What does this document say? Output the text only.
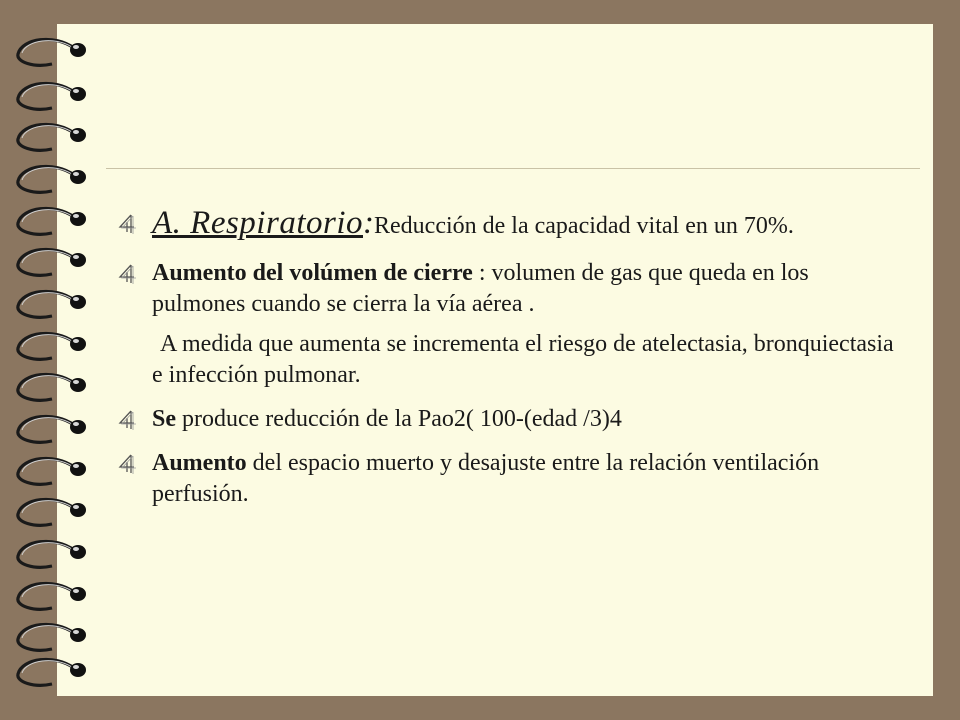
A. Respiratorio:Reducción de la capacidad vital en un 70%.
Aumento del volúmen de cierre : volumen de gas que queda en los pulmones cuando se cierra la vía aérea .
A medida que aumenta se incrementa el riesgo de atelectasia, bronquiectasia e infección pulmonar.
Se produce reducción de la Pao2( 100-(edad /3)4
Aumento del espacio muerto y desajuste entre la relación ventilación perfusión.
